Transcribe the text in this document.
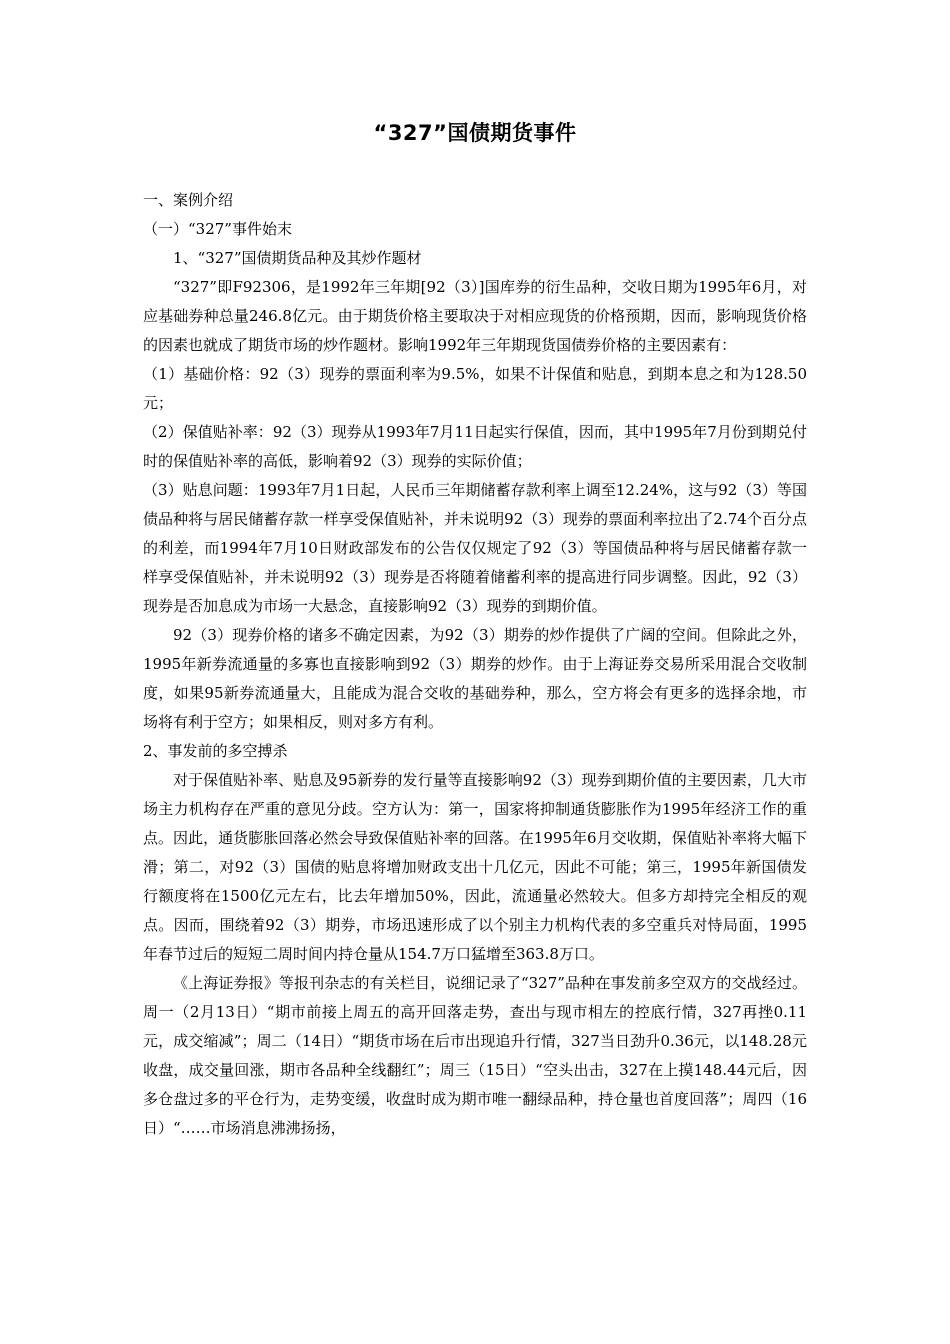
“327”国债期货事件
一、案例介绍
（一）“327”事件始末
1、“327”国债期货品种及其炒作题材

“327”即F92306，是1992年三年期[92（3）]国库券的衍生品种，交收日期为1995年6月，对应基础券种总量246.8亿元。由于期货价格主要取决于对相应现货的价格预期，因而，影响现货价格的因素也就成了期货市场的炒作题材。影响1992年三年期现货国债券价格的主要因素有：

（1）基础价格：92（3）现券的票面利率为9.5%，如果不计保值和贴息，到期本息之和为128.50元；

（2）保值贴补率：92（3）现券从1993年7月11日起实行保值，因而，其中1995年7月份到期兑付时的保值贴补率的高低，影响着92（3）现券的实际价值；

（3）贴息问题：1993年7月1日起，人民币三年期储蓄存款利率上调至12.24%，这与92（3）等国债品种将与居民储蓄存款一样享受保值贴补，并未说明92（3）现券的票面利率拉出了2.74个百分点的利差，而1994年7月10日财政部发布的公告仅仅规定了92（3）等国债品种将与居民储蓄存款一样享受保值贴补，并未说明92（3）现券是否将随着储蓄利率的提高进行同步调整。因此，92（3）现券是否加息成为市场一大悬念，直接影响92（3）现券的到期价值。

92（3）现券价格的诸多不确定因素，为92（3）期券的炒作提供了广阔的空间。但除此之外，1995年新券流通量的多寡也直接影响到92（3）期券的炒作。由于上海证券交易所采用混合交收制度，如果95新券流通量大，且能成为混合交收的基础券种，那么，空方将会有更多的选择余地，市场将有利于空方；如果相反，则对多方有利。

2、事发前的多空搏杀

对于保值贴补率、贴息及95新券的发行量等直接影响92（3）现券到期价值的主要因素，几大市场主力机构存在严重的意见分歧。空方认为：第一，国家将抑制通货膨胀作为1995年经济工作的重点。因此，通货膨胀回落必然会导致保值贴补率的回落。在1995年6月交收期，保值贴补率将大幅下滑；第二，对92（3）国债的贴息将增加财政支出十几亿元，因此不可能；第三，1995年新国债发行额度将在1500亿元左右，比去年增加50%，因此，流通量必然较大。但多方却持完全相反的观点。因而，围绕着92（3）期券，市场迅速形成了以个别主力机构代表的多空重兵对恃局面，1995年春节过后的短短二周时间内持仓量从154.7万口猛增至363.8万口。

《上海证券报》等报刊杂志的有关栏目，说细记录了“327”品种在事发前多空双方的交战经过。周一（2月13日）“期市前接上周五的高开回落走势，查出与现市相左的控底行情，327再挫0.11元，成交缩减”；周二（14日）“期货市场在后市出现追升行情，327当日劲升0.36元，以148.28元收盘，成交量回涨，期市各品种全线翻红”；周三（15日）“空头出击，327在上摸148.44元后，因多仓盘过多的平仓行为，走势变缓，收盘时成为期市唯一翻绿品种，持仓量也首度回落”；周四（16日）“……市场消息沸沸扬扬，
